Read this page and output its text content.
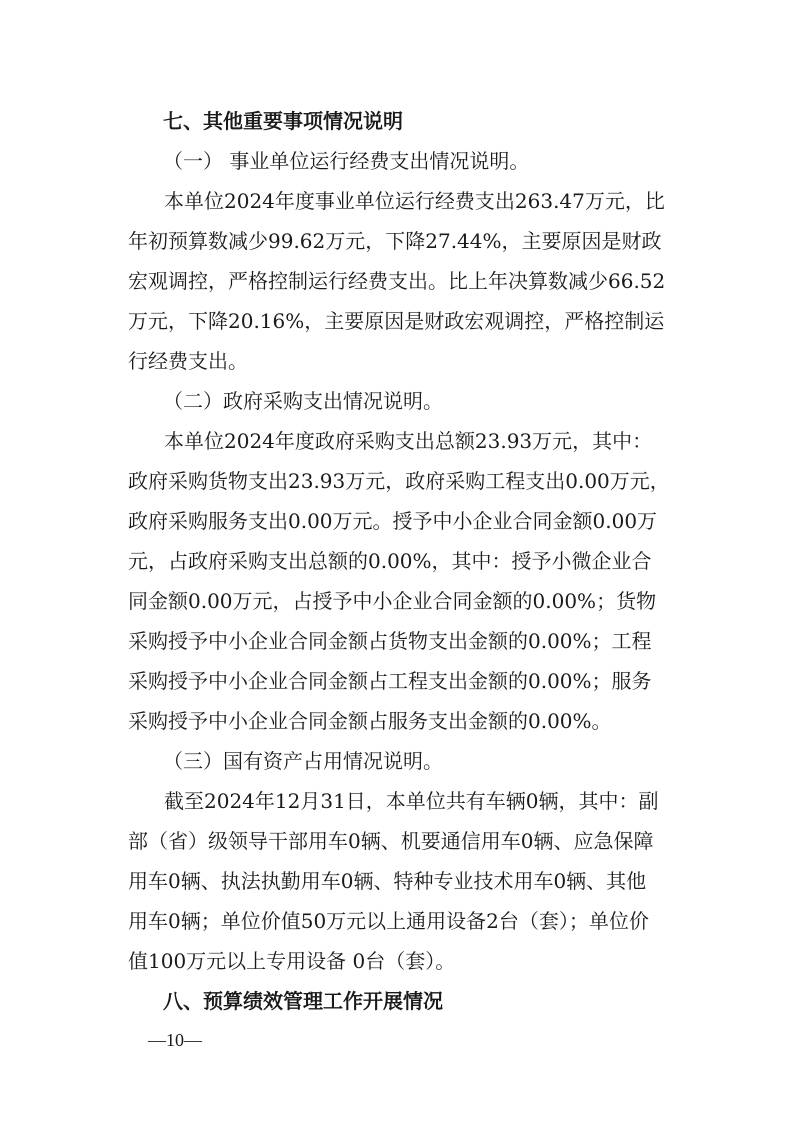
七、其他重要事项情况说明
（一） 事业单位运行经费支出情况说明。
本单位2024年度事业单位运行经费支出263.47万元，比
年初预算数减少99.62万元，下降27.44%，主要原因是财政
宏观调控，严格控制运行经费支出。比上年决算数减少66.52
万元，下降20.16%，主要原因是财政宏观调控，严格控制运
行经费支出。
（二）政府采购支出情况说明。
本单位2024年度政府采购支出总额23.93万元，其中：
政府采购货物支出23.93万元，政府采购工程支出0.00万元，
政府采购服务支出0.00万元。授予中小企业合同金额0.00万
元，占政府采购支出总额的0.00%，其中：授予小微企业合
同金额0.00万元，占授予中小企业合同金额的0.00%；货物
采购授予中小企业合同金额占货物支出金额的0.00%；工程
采购授予中小企业合同金额占工程支出金额的0.00%；服务
采购授予中小企业合同金额占服务支出金额的0.00%。
（三）国有资产占用情况说明。
截至2024年12月31日，本单位共有车辆0辆，其中：副
部（省）级领导干部用车0辆、机要通信用车0辆、应急保障
用车0辆、执法执勤用车0辆、特种专业技术用车0辆、其他
用车0辆；单位价值50万元以上通用设备2台（套）；单位价
值100万元以上专用设备 0台（套）。
八、预算绩效管理工作开展情况
—10—
